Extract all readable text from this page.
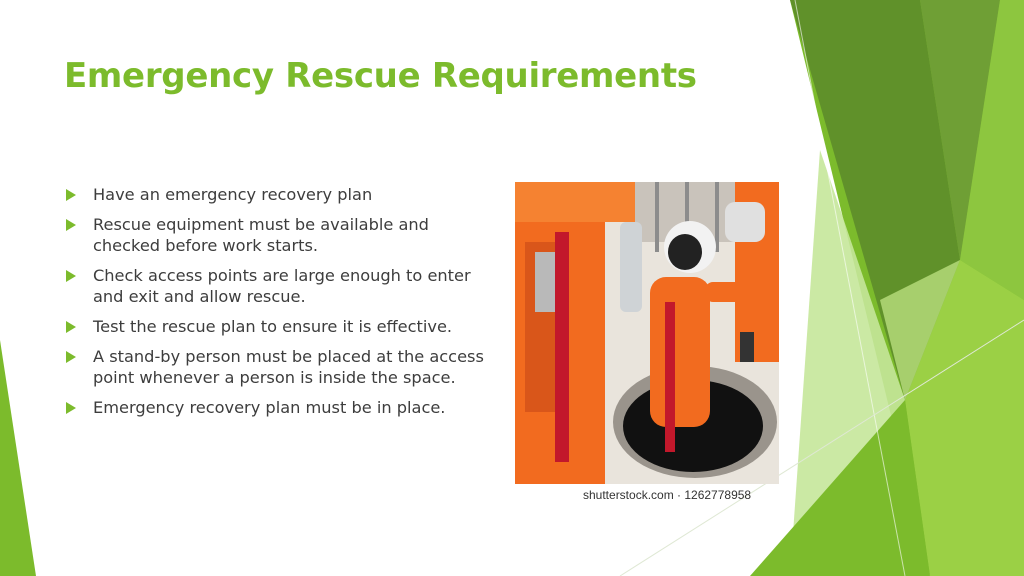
Emergency Rescue Requirements
Have an emergency recovery plan
Rescue equipment must be available and checked before work starts.
Check access points are large enough to enter and exit and allow rescue.
Test the rescue plan to ensure it is effective.
A stand-by person must be placed at the access point whenever a person is inside the space.
Emergency recovery plan must be in place.
shutterstock.com · 1262778958
